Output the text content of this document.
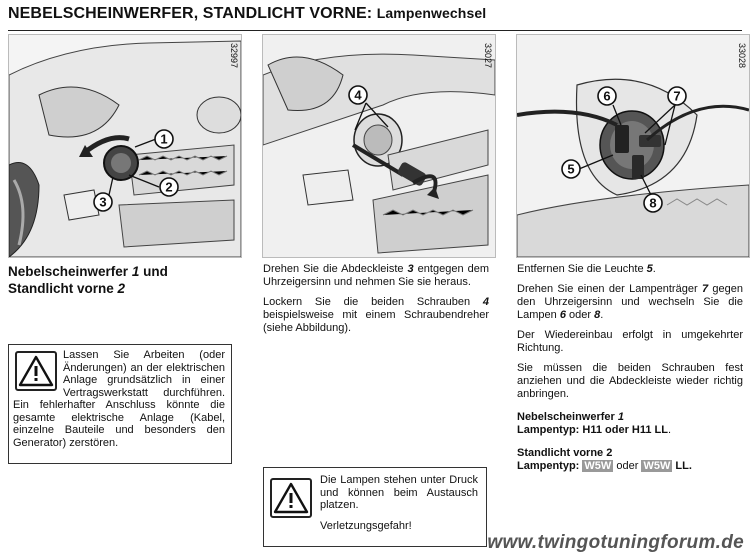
NEBELSCHEINWERFER, STANDLICHT VORNE: Lampenwechsel
1
2
3
32997
4
33027
6	7
5
8
33028
Nebelscheinwerfer 1 und
Standlicht vorne 2
Lassen Sie Arbeiten (oder Änderungen) an der elektrischen Anlage grundsätzlich in einer Vertragswerkstatt durchführen. Ein fehlerhafter Anschluss könnte die gesamte elektrische Anlage (Kabel, einzelne Bauteile und besonders den Generator) zerstören.

Drehen Sie die Abdeckleiste 3 entgegen dem Uhrzeigersinn und nehmen Sie sie heraus.

Lockern Sie die beiden Schrauben 4 beispielsweise mit einem Schraubendreher (siehe Abbildung).

Die Lampen stehen unter Druck und können beim Austausch platzen.

Verletzungsgefahr!

Entfernen Sie die Leuchte 5.

Drehen Sie einen der Lampenträger 7 gegen den Uhrzeigersinn und wechseln Sie die Lampen 6 oder 8.

Der Wiedereinbau erfolgt in umgekehrter Richtung.

Sie müssen die beiden Schrauben fest anziehen und die Abdeckleiste wieder richtig anbringen.

Nebelscheinwerfer 1
Lampentyp: H11 oder H11 LL.
Standlicht vorne 2
Lampentyp: W5W oder W5W LL.
www.twingotuningforum.de
